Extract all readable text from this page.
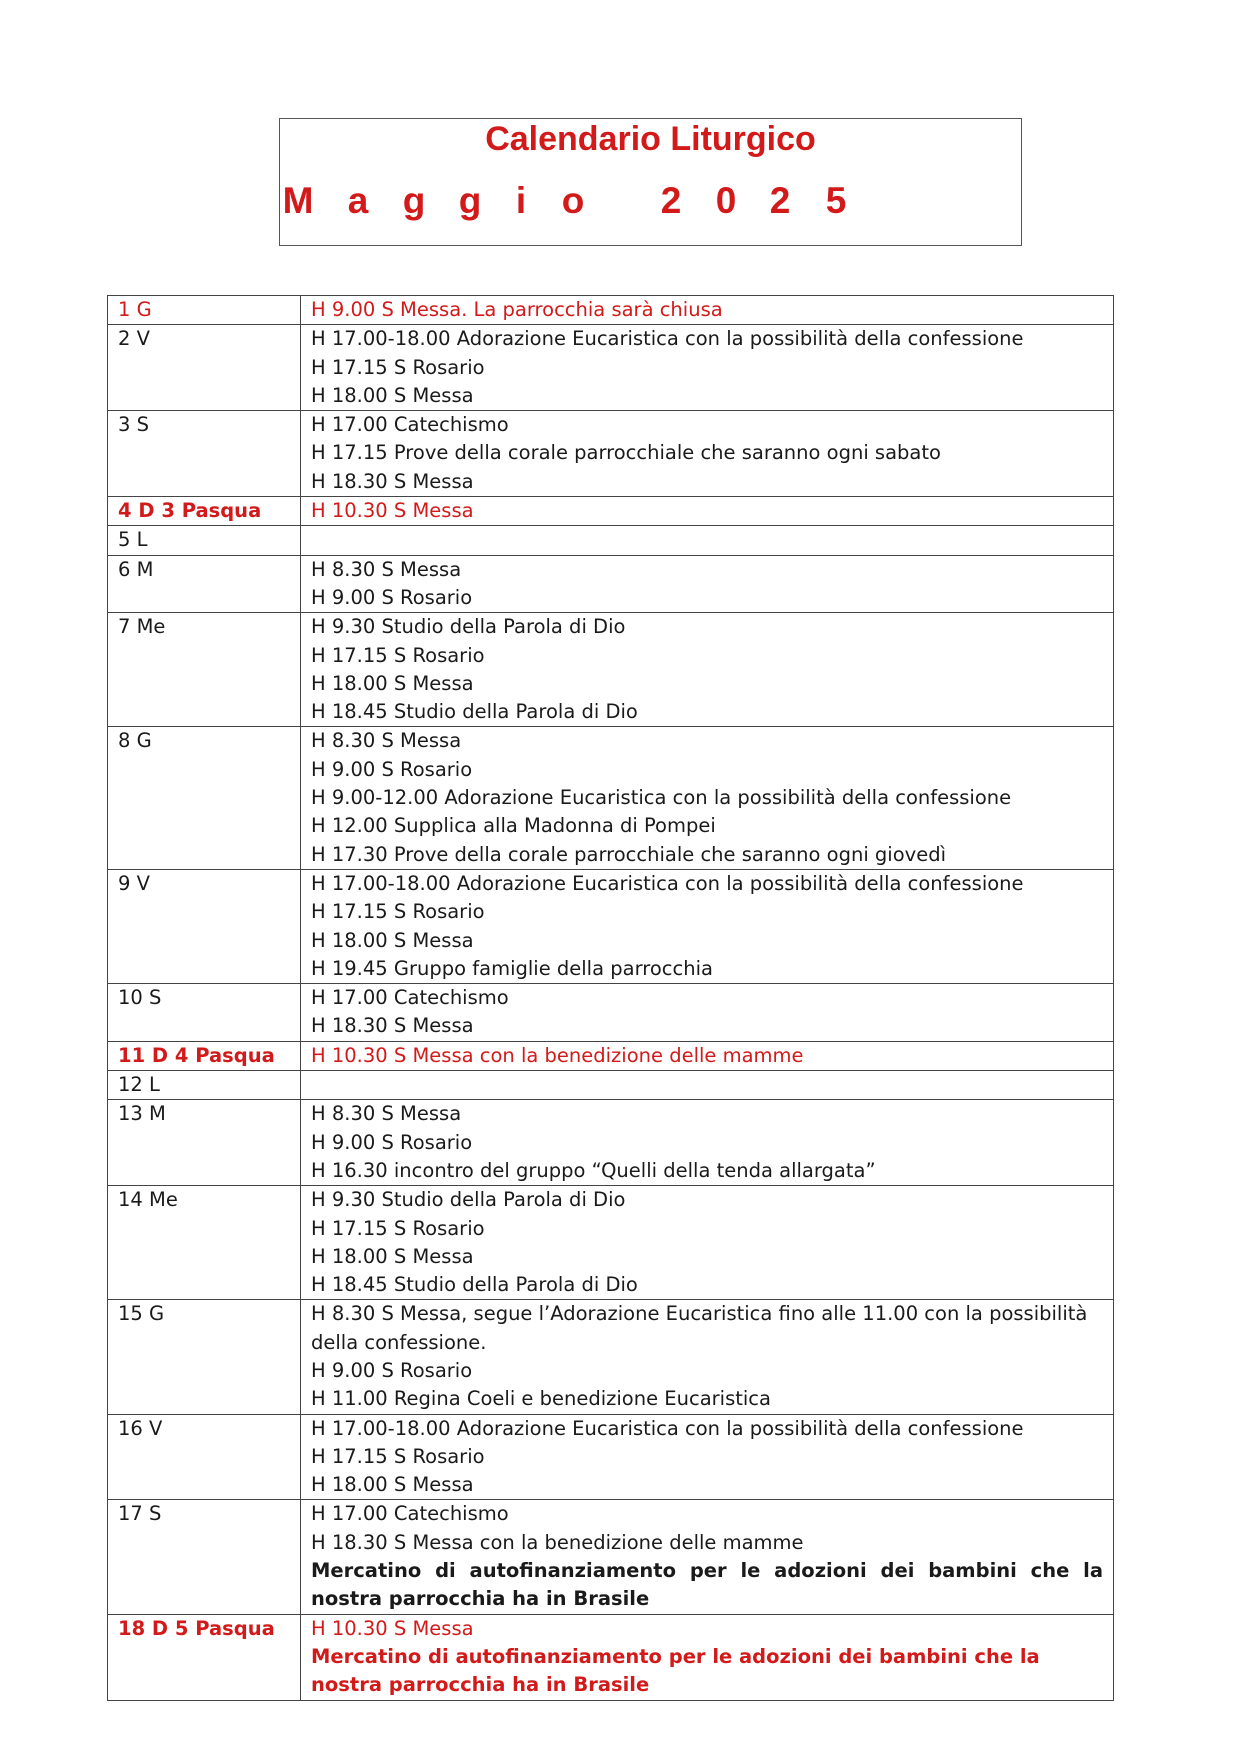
Calendario Liturgico
M a g g i o 2 0 2 5
1 G	H 9.00 S Messa. La parrocchia sarà chiusa

2 V	H 17.00-18.00 Adorazione Eucaristica con la possibilità della confessione
H 17.15 S Rosario
H 18.00 S Messa

3 S	H 17.00 Catechismo
H 17.15 Prove della corale parrocchiale che saranno ogni sabato
H 18.30 S Messa

4 D 3 Pasqua	H 10.30 S Messa

5 L	
6 M	H 8.30 S Messa
H 9.00 S Rosario

7 Me	H 9.30 Studio della Parola di Dio
H 17.15 S Rosario
H 18.00 S Messa
H 18.45 Studio della Parola di Dio

8 G	H 8.30 S Messa
H 9.00 S Rosario
H 9.00-12.00 Adorazione Eucaristica con la possibilità della confessione
H 12.00 Supplica alla Madonna di Pompei
H 17.30 Prove della corale parrocchiale che saranno ogni giovedì

9 V	H 17.00-18.00 Adorazione Eucaristica con la possibilità della confessione
H 17.15 S Rosario
H 18.00 S Messa
H 19.45 Gruppo famiglie della parrocchia

10 S	H 17.00 Catechismo
H 18.30 S Messa

11 D 4 Pasqua	H 10.30 S Messa con la benedizione delle mamme

12 L	
13 M	H 8.30 S Messa
H 9.00 S Rosario
H 16.30 incontro del gruppo “Quelli della tenda allargata”

14 Me	H 9.30 Studio della Parola di Dio
H 17.15 S Rosario
H 18.00 S Messa
H 18.45 Studio della Parola di Dio

15 G	H 8.30 S Messa, segue l’Adorazione Eucaristica fino alle 11.00 con la possibilità della confessione.
H 9.00 S Rosario
H 11.00 Regina Coeli e benedizione Eucaristica

16 V	H 17.00-18.00 Adorazione Eucaristica con la possibilità della confessione
H 17.15 S Rosario
H 18.00 S Messa

17 S	H 17.00 Catechismo
H 18.30 S Messa con la benedizione delle mamme
Mercatino di autofinanziamento per le adozioni dei bambini che la nostra parrocchia ha in Brasile

18 D 5 Pasqua	H 10.30 S Messa
Mercatino di autofinanziamento per le adozioni dei bambini che la nostra parrocchia ha in Brasile
